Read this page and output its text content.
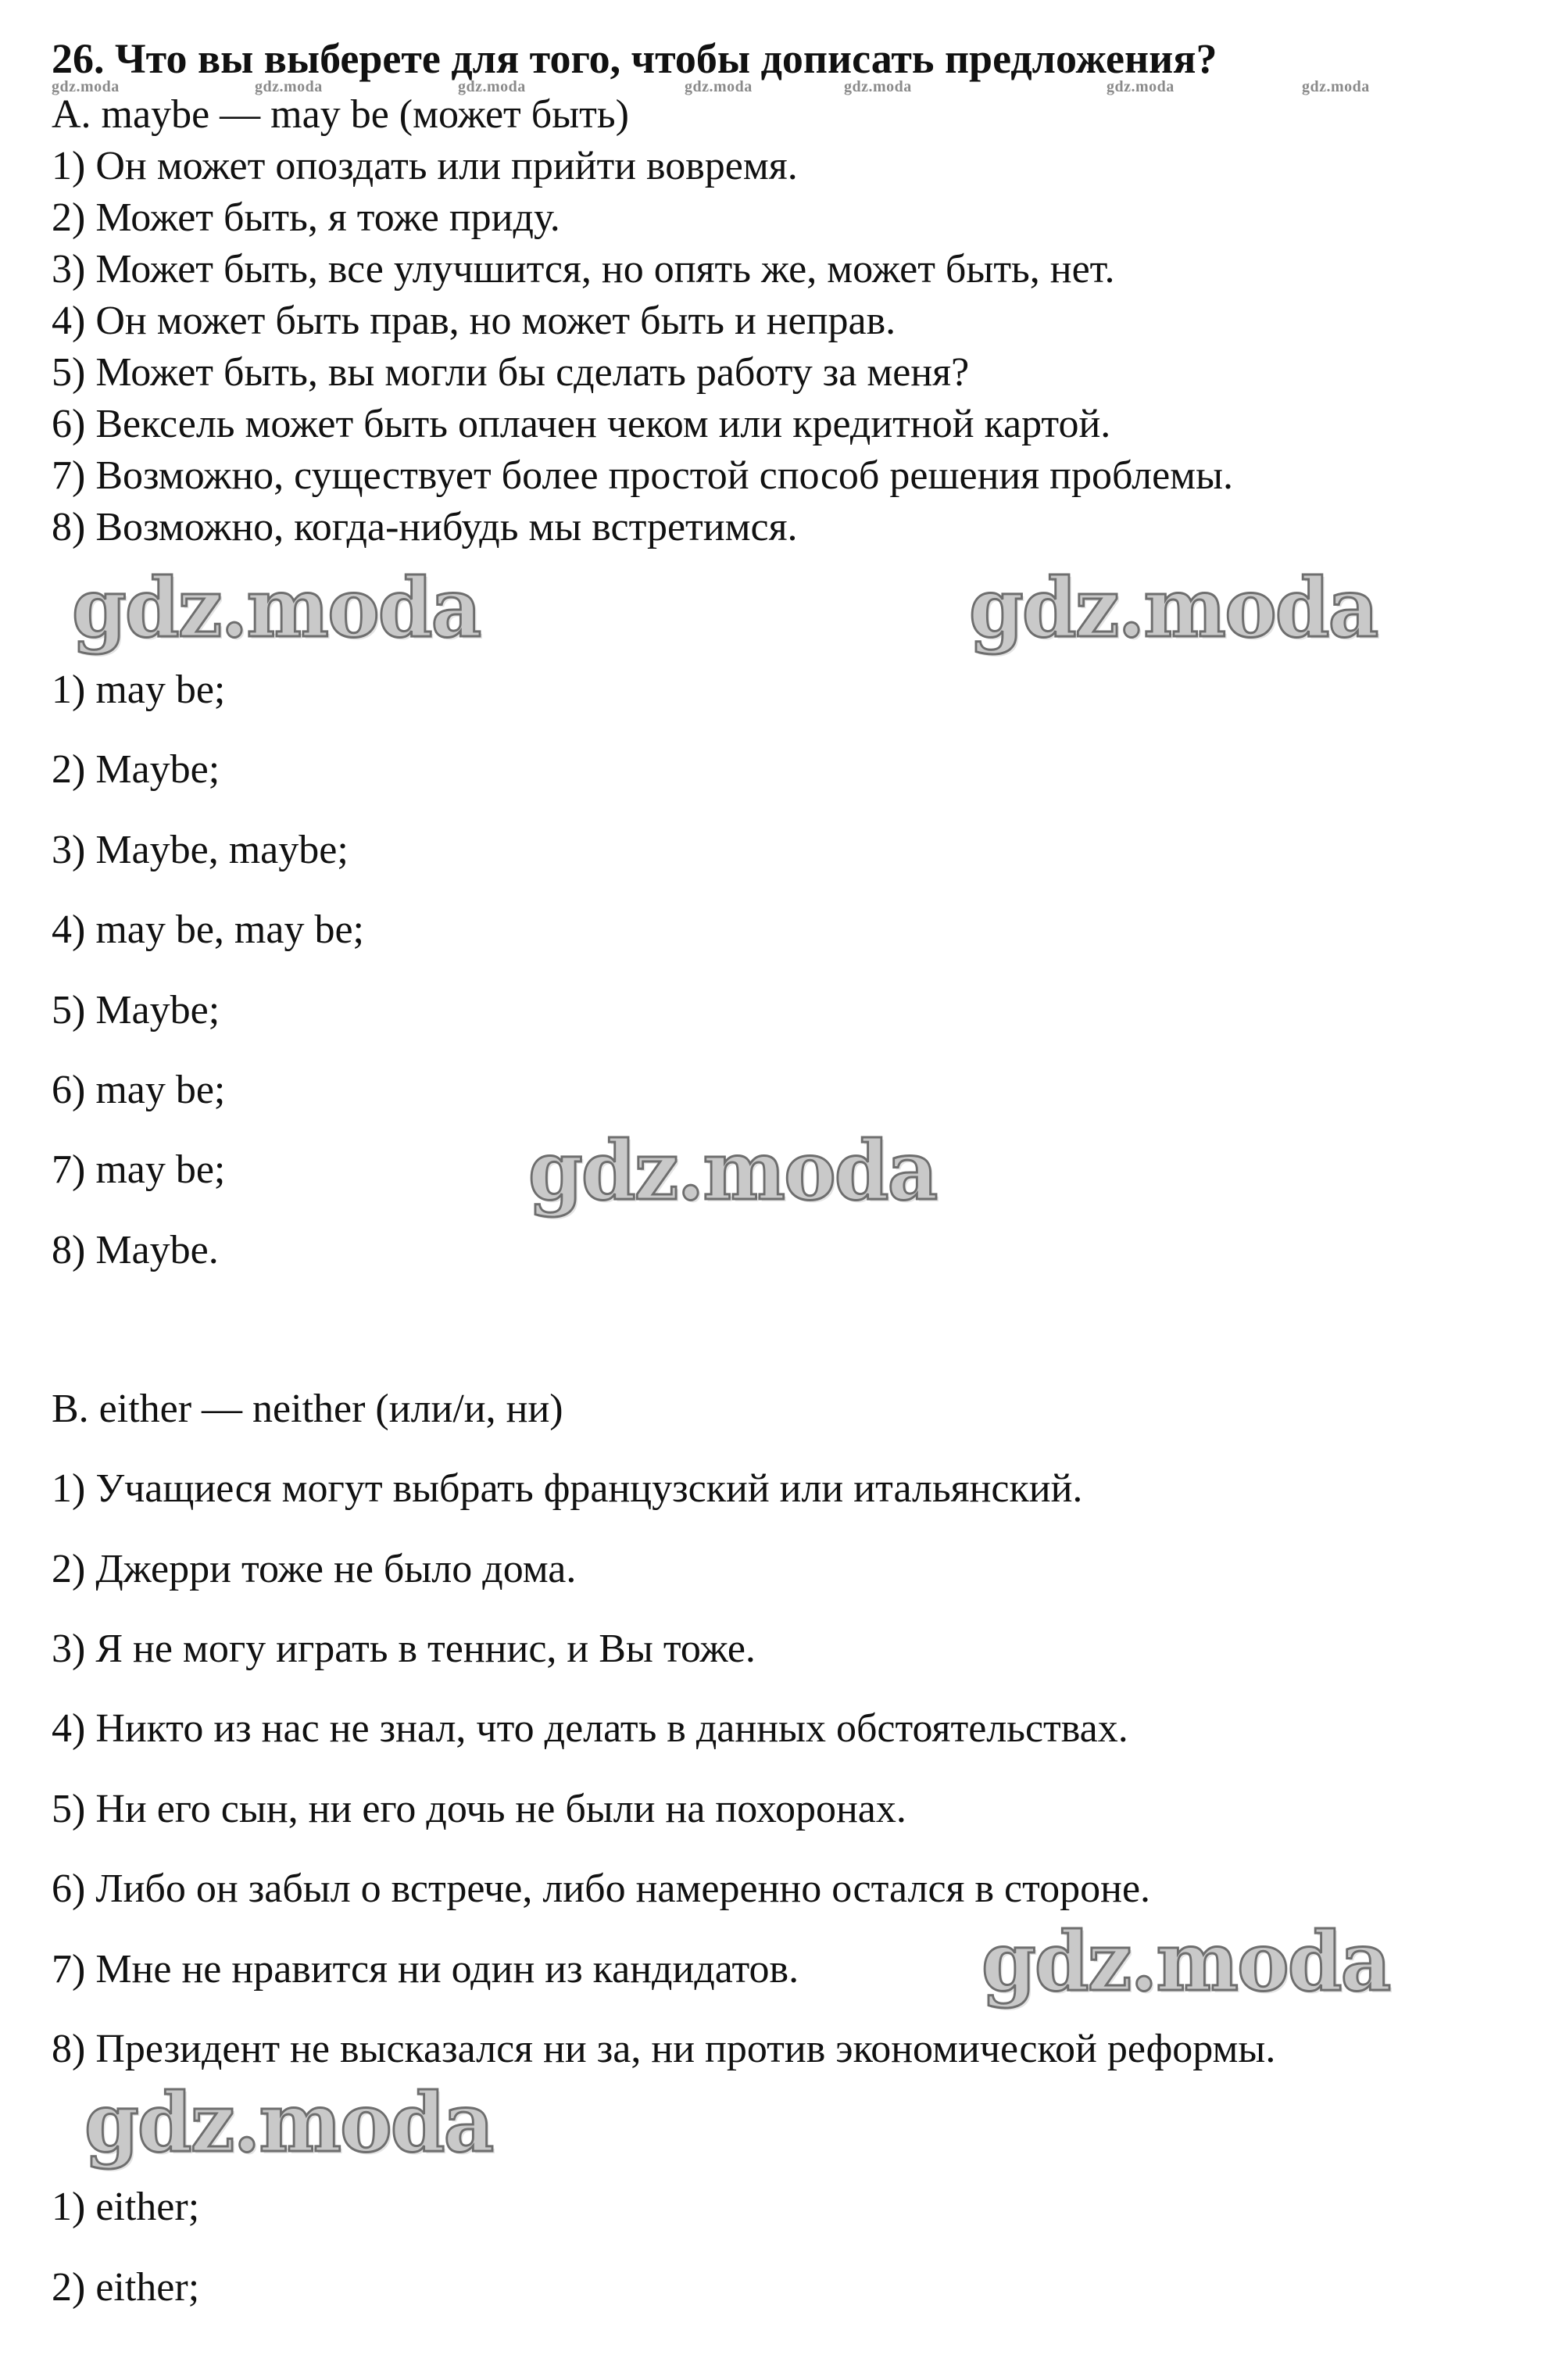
26. Что вы выберете для того, чтобы дописать предложения?
gdz.moda	gdz.moda	gdz.moda	gdz.moda	gdz.moda	gdz.moda	gdz.moda
A. maybe — may be (может быть)
1) Он может опоздать или прийти вовремя.
2) Может быть, я тоже приду.
3) Может быть, все улучшится, но опять же, может быть, нет.
4) Он может быть прав, но может быть и неправ.
5) Может быть, вы могли бы сделать работу за меня?
6) Вексель может быть оплачен чеком или кредитной картой.
7) Возможно, существует более простой способ решения проблемы.
8) Возможно, когда-нибудь мы встретимся.
gdz.moda	gdz.moda
1) may be;
2) Maybe;
3) Maybe, maybe;
4) may be, may be;
5) Maybe;
6) may be;
7) may be;
8) Maybe.
gdz.moda
B. either — neither (или/и, ни)
1) Учащиеся могут выбрать французский или итальянский.
2) Джерри тоже не было дома.
3) Я не могу играть в теннис, и Вы тоже.
4) Никто из нас не знал, что делать в данных обстоятельствах.
5) Ни его сын, ни его дочь не были на похоронах.
6) Либо он забыл о встрече, либо намеренно остался в стороне.
7) Мне не нравится ни один из кандидатов.
8) Президент не высказался ни за, ни против экономической реформы.
gdz.moda
gdz.moda
1) either;
2) either;
